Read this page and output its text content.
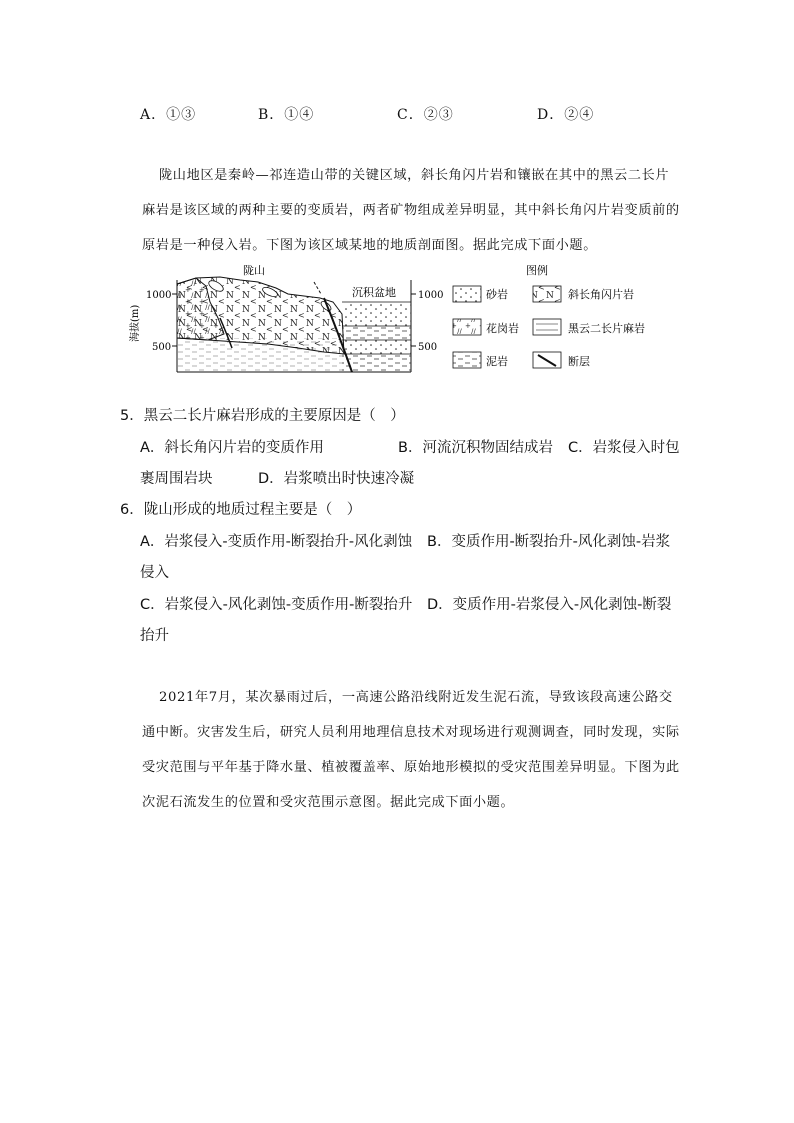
A．①③	B．①④	C．②③	D．②④
陇山地区是秦岭—祁连造山带的关键区域，斜长角闪片岩和镶嵌在其中的黑云二长片麻岩是该区域的两种主要的变质岩，两者矿物组成差异明显，其中斜长角闪片岩变质前的原岩是一种侵入岩。下图为该区域某地的地质剖面图。据此完成下面小题。
海拔(m)
1000
500
1000
500
陇山
沉积盆地
图例
砂岩	斜长角闪片岩
花岗岩	黑云二长片麻岩
泥岩	断层
5．黑云二长片麻岩形成的主要原因是（　）
A．斜长角闪片岩的变质作用	B．河流沉积物固结成岩 C．岩浆侵入时包
裹周围岩块	D．岩浆喷出时快速冷凝
6．陇山形成的地质过程主要是（　）
A．岩浆侵入-变质作用-断裂抬升-风化剥蚀 B．变质作用-断裂抬升-风化剥蚀-岩浆
侵入
C．岩浆侵入-风化剥蚀-变质作用-断裂抬升 D．变质作用-岩浆侵入-风化剥蚀-断裂
抬升
2021年7月，某次暴雨过后，一高速公路沿线附近发生泥石流，导致该段高速公路交通中断。灾害发生后，研究人员利用地理信息技术对现场进行观测调查，同时发现，实际受灾范围与平年基于降水量、植被覆盖率、原始地形模拟的受灾范围差异明显。下图为此次泥石流发生的位置和受灾范围示意图。据此完成下面小题。
